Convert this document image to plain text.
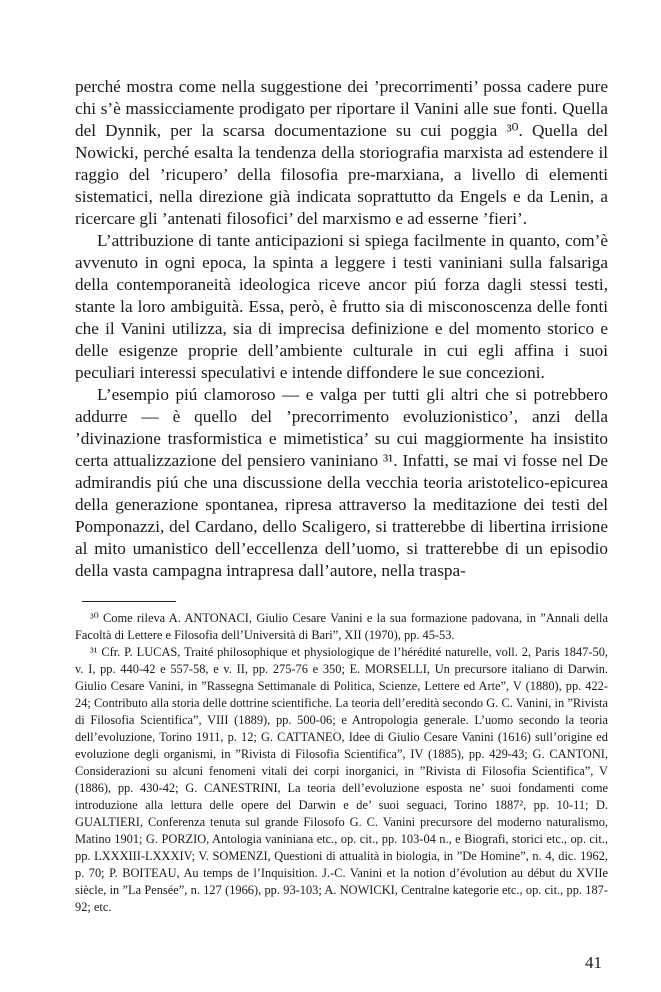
perché mostra come nella suggestione dei ’precorrimenti’ possa cadere pure chi s’è massicciamente prodigato per riportare il Vanini alle sue fonti. Quella del Dynnik, per la scarsa documentazione su cui poggia ³⁰. Quella del Nowicki, perché esalta la tendenza della storiografia marxista ad estendere il raggio del ’ricupero’ della filosofia pre-marxiana, a livello di elementi sistematici, nella direzione già indicata soprattutto da Engels e da Lenin, a ricercare gli ’antenati filosofici’ del marxismo e ad esserne ’fieri’.

L’attribuzione di tante anticipazioni si spiega facilmente in quanto, com’è avvenuto in ogni epoca, la spinta a leggere i testi vaniniani sulla falsariga della contemporaneità ideologica riceve ancor piú forza dagli stessi testi, stante la loro ambiguità. Essa, però, è frutto sia di misconoscenza delle fonti che il Vanini utilizza, sia di imprecisa definizione e del momento storico e delle esigenze proprie dell’ambiente culturale in cui egli affina i suoi peculiari interessi speculativi e intende diffondere le sue concezioni.

L’esempio piú clamoroso — e valga per tutti gli altri che si potrebbero addurre — è quello del ’precorrimento evoluzionistico’, anzi della ’divinazione trasformistica e mimetistica’ su cui maggiormente ha insistito certa attualizzazione del pensiero vaniniano ³¹. Infatti, se mai vi fosse nel De admirandis piú che una discussione della vecchia teoria aristotelico-epicurea della generazione spontanea, ripresa attraverso la meditazione dei testi del Pomponazzi, del Cardano, dello Scaligero, si tratterebbe di libertina irrisione al mito umanistico dell’eccellenza dell’uomo, si tratterebbe di un episodio della vasta campagna intrapresa dall’autore, nella traspa-

³⁰ Come rileva A. ANTONACI, Giulio Cesare Vanini e la sua formazione padovana, in ”Annali della Facoltà di Lettere e Filosofia dell’Università di Bari”, XII (1970), pp. 45-53.

³¹ Cfr. P. LUCAS, Traité philosophique et physiologique de l’hérédité naturelle, voll. 2, Paris 1847-50, v. I, pp. 440-42 e 557-58, e v. II, pp. 275-76 e 350; E. MORSELLI, Un precursore italiano di Darwin. Giulio Cesare Vanini, in ”Rassegna Settimanale di Politica, Scienze, Lettere ed Arte”, V (1880), pp. 422-24; Contributo alla storia delle dottrine scientifiche. La teoria dell’eredità secondo G. C. Vanini, in ”Rivista di Filosofia Scientifica”, VIII (1889), pp. 500-06; e Antropologia generale. L’uomo secondo la teoria dell’evoluzione, Torino 1911, p. 12; G. CATTANEO, Idee di Giulio Cesare Vanini (1616) sull’origine ed evoluzione degli organismi, in ”Rivista di Filosofia Scientifica”, IV (1885), pp. 429-43; G. CANTONI, Considerazioni su alcuni fenomeni vitali dei corpi inorganici, in ”Rivista di Filosofia Scientifica”, V (1886), pp. 430-42; G. CANESTRINI, La teoria dell’evoluzione esposta ne’ suoi fondamenti come introduzione alla lettura delle opere del Darwin e de’ suoi seguaci, Torino 1887², pp. 10-11; D. GUALTIERI, Conferenza tenuta sul grande Filosofo G. C. Vanini precursore del moderno naturalismo, Matino 1901; G. PORZIO, Antologia vaniniana etc., op. cit., pp. 103-04 n., e Biografi, storici etc., op. cit., pp. LXXXIII-LXXXIV; V. SOMENZI, Questioni di attualità in biologia, in ”De Homine”, n. 4, dic. 1962, p. 70; P. BOITEAU, Au temps de l’Inquisition. J.-C. Vanini et la notion d’évolution au début du XVIIe siècle, in ”La Pensée”, n. 127 (1966), pp. 93-103; A. NOWICKI, Centralne kategorie etc., op. cit., pp. 187-92; etc.

41
